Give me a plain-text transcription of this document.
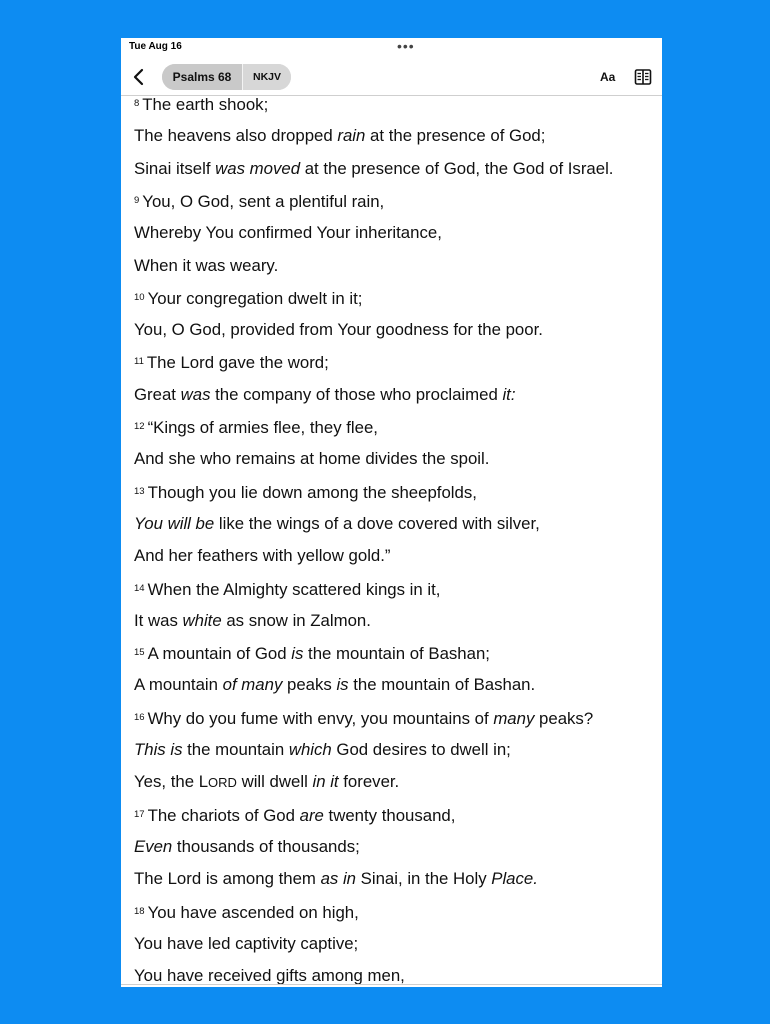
Tue Aug 16	•••
Psalms 68	NKJV	Aa
$^8$ The earth shook;
The heavens also dropped rain at the presence of God;
Sinai itself was moved at the presence of God, the God of Israel.
$^9$ You, O God, sent a plentiful rain,
Whereby You confirmed Your inheritance,
When it was weary.
$^{10}$ Your congregation dwelt in it;
You, O God, provided from Your goodness for the poor.
$^{11}$ The Lord gave the word;
Great was the company of those who proclaimed it:
$^{12}$ “Kings of armies flee, they flee,
And she who remains at home divides the spoil.
$^{13}$ Though you lie down among the sheepfolds,
You will be like the wings of a dove covered with silver,
And her feathers with yellow gold.”
$^{14}$ When the Almighty scattered kings in it,
It was white as snow in Zalmon.
$^{15}$ A mountain of God is the mountain of Bashan;
A mountain of many peaks is the mountain of Bashan.
$^{16}$ Why do you fume with envy, you mountains of many peaks?
This is the mountain which God desires to dwell in;
Yes, the LORD will dwell in it forever.
$^{17}$ The chariots of God are twenty thousand,
Even thousands of thousands;
The Lord is among them as in Sinai, in the Holy Place.
$^{18}$ You have ascended on high,
You have led captivity captive;
You have received gifts among men,
